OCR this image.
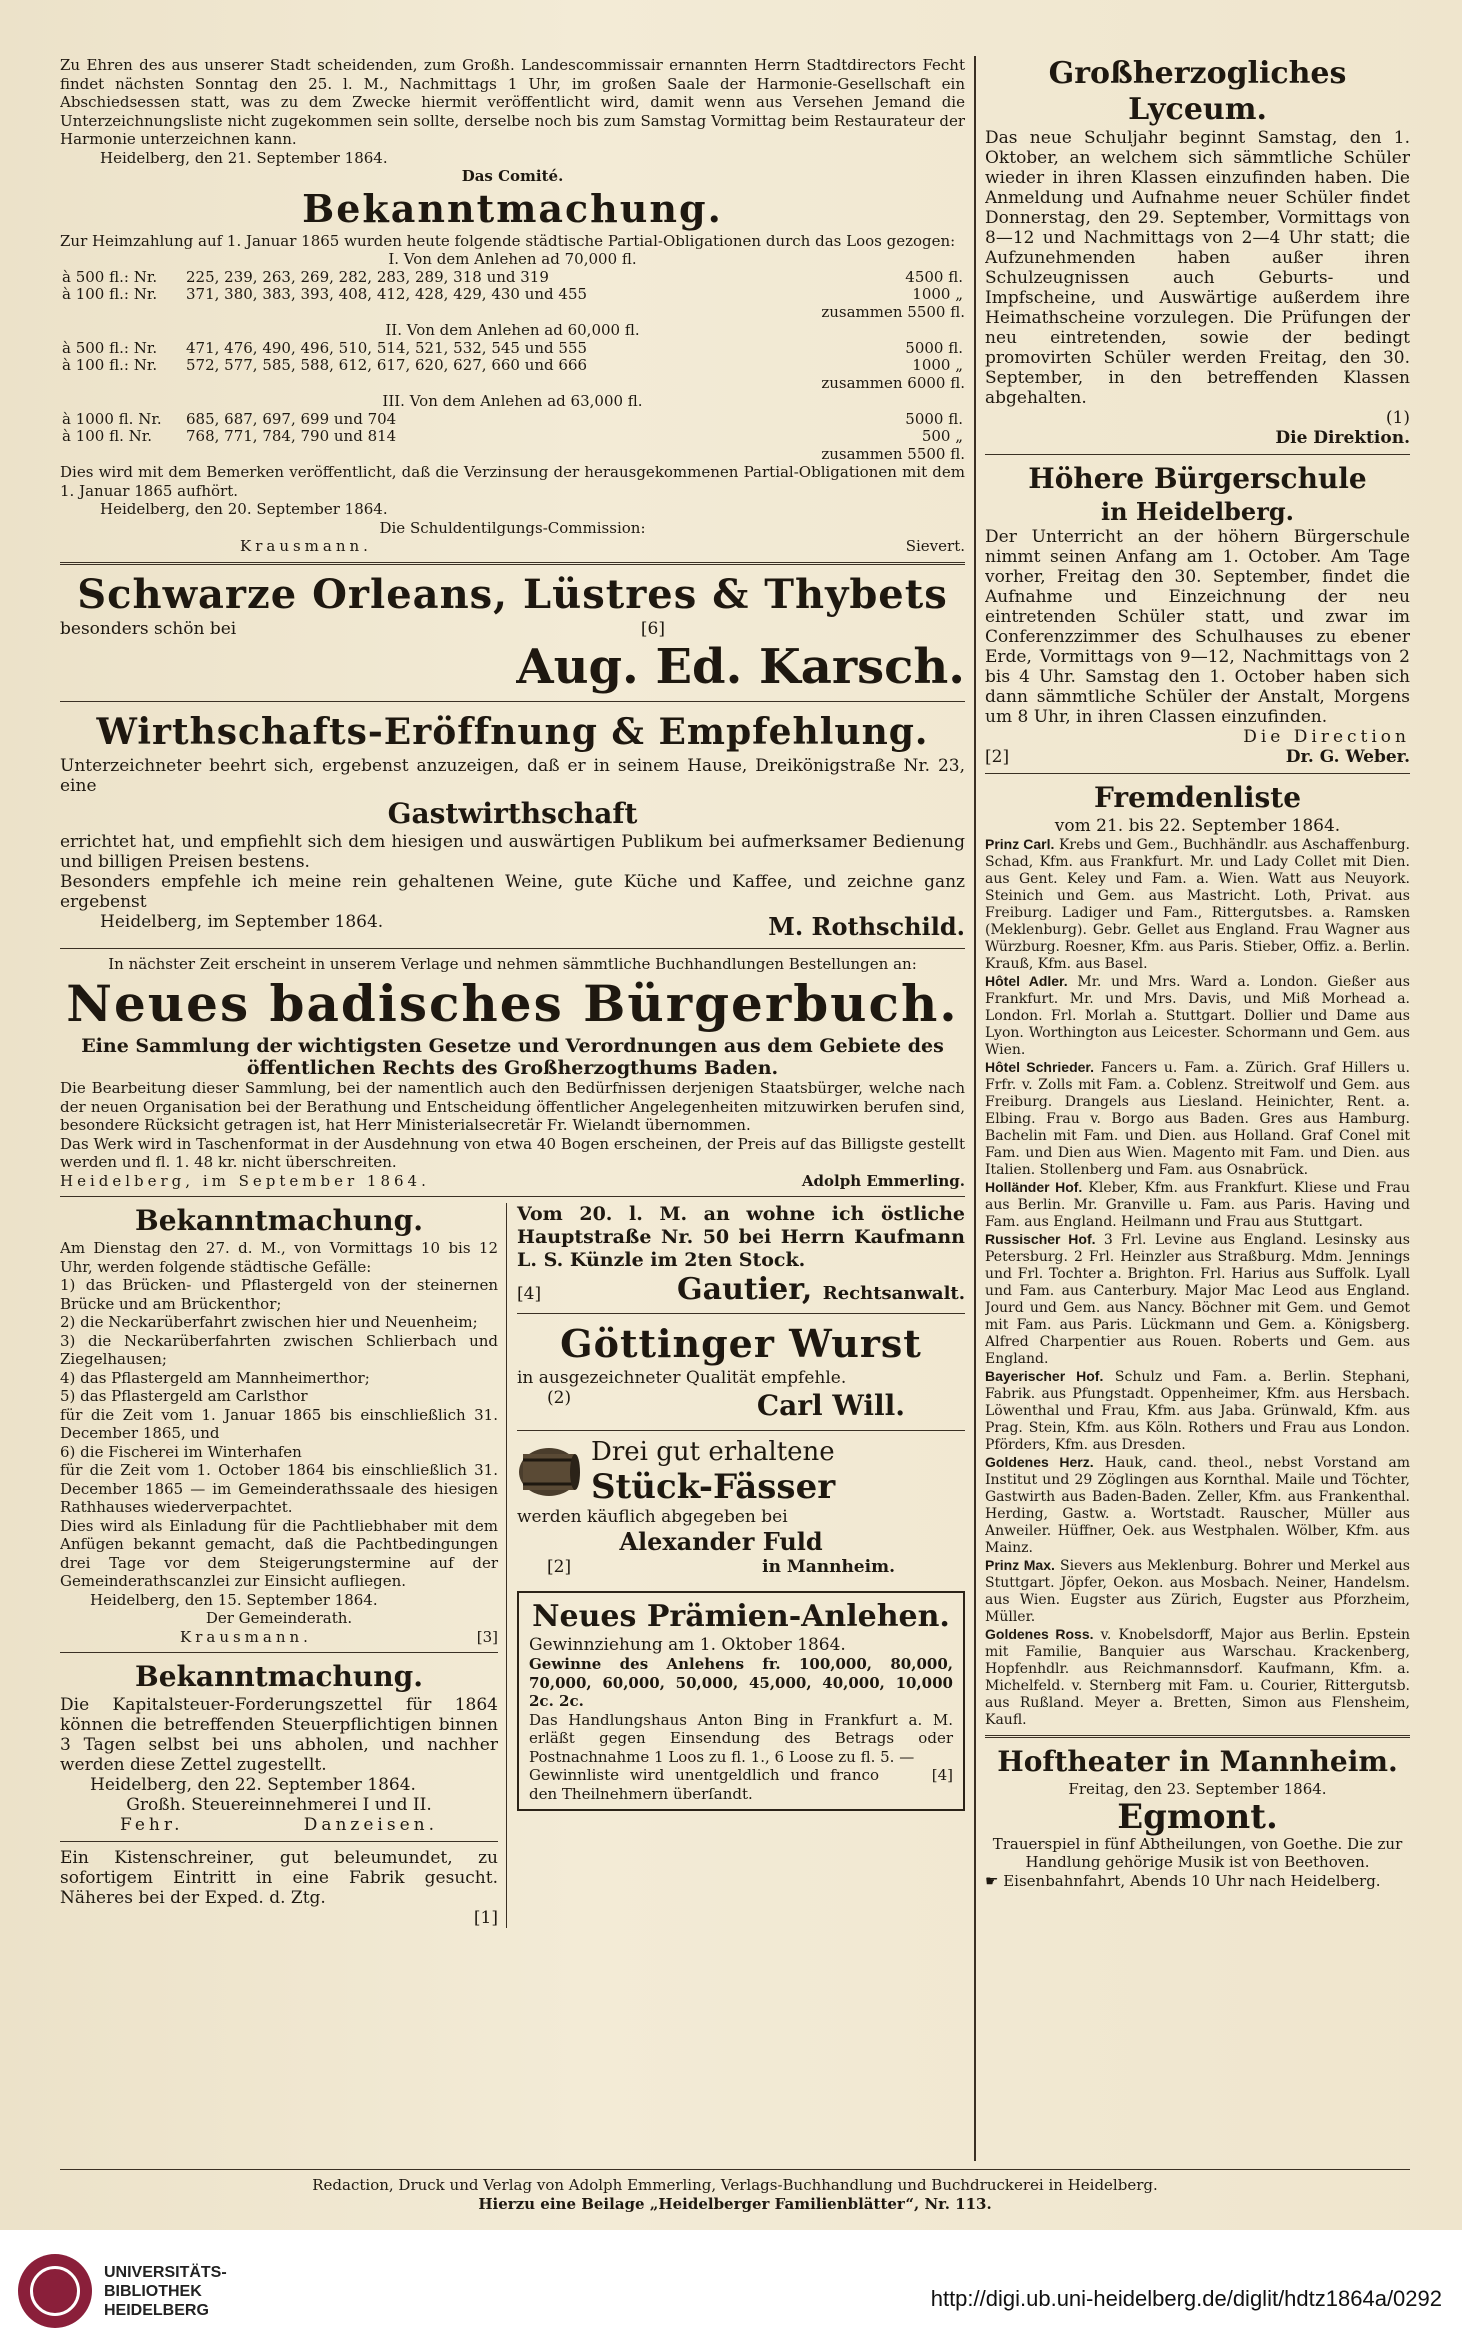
Zu Ehren des aus unserer Stadt scheidenden, zum Großh. Landescommissair ernannten Herrn Stadtdirectors Fecht findet nächsten Sonntag den 25. l. M., Nachmittags 1 Uhr, im großen Saale der Harmonie-Gesellschaft ein Abschiedsessen statt, was zu dem Zwecke hiermit veröffentlicht wird, damit wenn aus Versehen Jemand die Unterzeichnungsliste nicht zugekommen sein sollte, derselbe noch bis zum Samstag Vormittag beim Restaurateur der Harmonie unterzeichnen kann.

Heidelberg, den 21. September 1864.

Das Comité.

Bekanntmachung.

Zur Heimzahlung auf 1. Januar 1865 wurden heute folgende städtische Partial-Obligationen durch das Loos gezogen:

I. Von dem Anlehen ad 70,000 fl.

à 500 fl.: Nr.	225, 239, 263, 269, 282, 283, 289, 318 und 319	4500 fl.
à 100 fl.: Nr.	371, 380, 383, 393, 408, 412, 428, 429, 430 und 455	1000 „

zusammen 5500 fl.

II. Von dem Anlehen ad 60,000 fl.

à 500 fl.: Nr.	471, 476, 490, 496, 510, 514, 521, 532, 545 und 555	5000 fl.
à 100 fl.: Nr.	572, 577, 585, 588, 612, 617, 620, 627, 660 und 666	1000 „

zusammen 6000 fl.

III. Von dem Anlehen ad 63,000 fl.

à 1000 fl. Nr.	685, 687, 697, 699 und 704	5000 fl.
à 100 fl. Nr.	768, 771, 784, 790 und 814	500 „

zusammen 5500 fl.

Dies wird mit dem Bemerken veröffentlicht, daß die Verzinsung der herausgekommenen Partial-Obligationen mit dem 1. Januar 1865 aufhört.

Heidelberg, den 20. September 1864.

Die Schuldentilgungs-Commission:

Krausmann.	Sievert.

Schwarze Orleans, Lüstres & Thybets

besonders schön bei	[6]

Aug. Ed. Karsch.

Wirthschafts-Eröffnung & Empfehlung.

Unterzeichneter beehrt sich, ergebenst anzuzeigen, daß er in seinem Hause, Dreikönigstraße Nr. 23, eine

Gastwirthschaft

errichtet hat, und empfiehlt sich dem hiesigen und auswärtigen Publikum bei aufmerksamer Bedienung und billigen Preisen bestens.

Besonders empfehle ich meine rein gehaltenen Weine, gute Küche und Kaffee, und zeichne ganz ergebenst

Heidelberg, im September 1864.	M. Rothschild.

In nächster Zeit erscheint in unserem Verlage und nehmen sämmtliche Buchhandlungen Bestellungen an:

Neues badisches Bürgerbuch.

Eine Sammlung der wichtigsten Gesetze und Verordnungen aus dem Gebiete des öffentlichen Rechts des Großherzogthums Baden.

Die Bearbeitung dieser Sammlung, bei der namentlich auch den Bedürfnissen derjenigen Staatsbürger, welche nach der neuen Organisation bei der Berathung und Entscheidung öffentlicher Angelegenheiten mitzuwirken berufen sind, besondere Rücksicht getragen ist, hat Herr Ministerialsecretär Fr. Wielandt übernommen.

Das Werk wird in Taschenformat in der Ausdehnung von etwa 40 Bogen erscheinen, der Preis auf das Billigste gestellt werden und fl. 1. 48 kr. nicht überschreiten.

Heidelberg, im September 1864.	Adolph Emmerling.

Bekanntmachung.

Am Dienstag den 27. d. M., von Vormittags 10 bis 12 Uhr, werden folgende städtische Gefälle:

1) das Brücken- und Pflastergeld von der steinernen Brücke und am Brückenthor;

2) die Neckarüberfahrt zwischen hier und Neuenheim;

3) die Neckarüberfahrten zwischen Schlierbach und Ziegelhausen;

4) das Pflastergeld am Mannheimerthor;

5) das Pflastergeld am Carlsthor

für die Zeit vom 1. Januar 1865 bis einschließlich 31. December 1865, und

6) die Fischerei im Winterhafen

für die Zeit vom 1. October 1864 bis einschließlich 31. December 1865 — im Gemeinderathssaale des hiesigen Rathhauses wiederverpachtet.

Dies wird als Einladung für die Pachtliebhaber mit dem Anfügen bekannt gemacht, daß die Pachtbedingungen drei Tage vor dem Steigerungstermine auf der Gemeinderathscanzlei zur Einsicht aufliegen.

Heidelberg, den 15. September 1864.

Der Gemeinderath.

Krausmann.	[3]

Bekanntmachung.

Die Kapitalsteuer-Forderungszettel für 1864 können die betreffenden Steuerpflichtigen binnen 3 Tagen selbst bei uns abholen, und nachher werden diese Zettel zugestellt.

Heidelberg, den 22. September 1864.

Großh. Steuereinnehmerei I und II.

Fehr.	Danzeisen.

Ein Kistenschreiner, gut beleumundet, zu sofortigem Eintritt in eine Fabrik gesucht. Näheres bei der Exped. d. Ztg.

[1]

Vom 20. l. M. an wohne ich östliche Hauptstraße Nr. 50 bei Herrn Kaufmann L. S. Künzle im 2ten Stock.

[4]	Gautier, Rechtsanwalt.

Göttinger Wurst

in ausgezeichneter Qualität empfehle.

(2)	Carl Will.

Drei gut erhaltene

Stück-Fässer

werden käuflich abgegeben bei

Alexander Fuld

[2]	in Mannheim.

Neues Prämien-Anlehen.

Gewinnziehung am 1. Oktober 1864.

Gewinne des Anlehens fr. 100,000, 80,000, 70,000, 60,000, 50,000, 45,000, 40,000, 10,000 2c. 2c.

Das Handlungshaus Anton Bing in Frankfurt a. M. erläßt gegen Einsendung des Betrags oder Postnachnahme 1 Loos zu fl. 1., 6 Loose zu fl. 5. —

Gewinnliste wird unentgeldlich und franco den Theilnehmern überſandt.

[4]

Großherzogliches Lyceum.

Das neue Schuljahr beginnt Samstag, den 1. Oktober, an welchem sich sämmtliche Schüler wieder in ihren Klassen einzufinden haben. Die Anmeldung und Aufnahme neuer Schüler findet Donnerstag, den 29. September, Vormittags von 8—12 und Nachmittags von 2—4 Uhr statt; die Aufzunehmenden haben außer ihren Schulzeugnissen auch Geburts- und Impfscheine, und Auswärtige außerdem ihre Heimathscheine vorzulegen. Die Prüfungen der neu eintretenden, sowie der bedingt promovirten Schüler werden Freitag, den 30. September, in den betreffenden Klassen abgehalten.

(1)

Die Direktion.

Höhere Bürgerschule

in Heidelberg.

Der Unterricht an der höhern Bürgerschule nimmt seinen Anfang am 1. October. Am Tage vorher, Freitag den 30. September, findet die Aufnahme und Einzeichnung der neu eintretenden Schüler statt, und zwar im Conferenzzimmer des Schulhauses zu ebener Erde, Vormittags von 9—12, Nachmittags von 2 bis 4 Uhr. Samstag den 1. October haben sich dann sämmtliche Schüler der Anstalt, Morgens um 8 Uhr, in ihren Classen einzufinden.

Die Direction

[2]	Dr. G. Weber.

Fremdenliste

vom 21. bis 22. September 1864.

Prinz Carl. Krebs und Gem., Buchhändlr. aus Aschaffenburg. Schad, Kfm. aus Frankfurt. Mr. und Lady Collet mit Dien. aus Gent. Keley und Fam. a. Wien. Watt aus Neuyork. Steinich und Gem. aus Mastricht. Loth, Privat. aus Freiburg. Ladiger und Fam., Rittergutsbes. a. Ramsken (Meklenburg). Gebr. Gellet aus England. Frau Wagner aus Würzburg. Roesner, Kfm. aus Paris. Stieber, Offiz. a. Berlin. Krauß, Kfm. aus Basel.

Hôtel Adler. Mr. und Mrs. Ward a. London. Gießer aus Frankfurt. Mr. und Mrs. Davis, und Miß Morhead a. London. Frl. Morlah a. Stuttgart. Dollier und Dame aus Lyon. Worthington aus Leicester. Schormann und Gem. aus Wien.

Hôtel Schrieder. Fancers u. Fam. a. Zürich. Graf Hillers u. Frfr. v. Zolls mit Fam. a. Coblenz. Streitwolf und Gem. aus Freiburg. Drangels aus Liesland. Heinichter, Rent. a. Elbing. Frau v. Borgo aus Baden. Gres aus Hamburg. Bachelin mit Fam. und Dien. aus Holland. Graf Conel mit Fam. und Dien aus Wien. Magento mit Fam. und Dien. aus Italien. Stollenberg und Fam. aus Osnabrück.

Holländer Hof. Kleber, Kfm. aus Frankfurt. Kliese und Frau aus Berlin. Mr. Granville u. Fam. aus Paris. Having und Fam. aus England. Heilmann und Frau aus Stuttgart.

Russischer Hof. 3 Frl. Levine aus England. Lesinsky aus Petersburg. 2 Frl. Heinzler aus Straßburg. Mdm. Jennings und Frl. Tochter a. Brighton. Frl. Harius aus Suffolk. Lyall und Fam. aus Canterbury. Major Mac Leod aus England. Jourd und Gem. aus Nancy. Böchner mit Gem. und Gemot mit Fam. aus Paris. Lückmann und Gem. a. Königsberg. Alfred Charpentier aus Rouen. Roberts und Gem. aus England.

Bayerischer Hof. Schulz und Fam. a. Berlin. Stephani, Fabrik. aus Pfungstadt. Oppenheimer, Kfm. aus Hersbach. Löwenthal und Frau, Kfm. aus Jaba. Grünwald, Kfm. aus Prag. Stein, Kfm. aus Köln. Rothers und Frau aus London. Pförders, Kfm. aus Dresden.

Goldenes Herz. Hauk, cand. theol., nebst Vorstand am Institut und 29 Zöglingen aus Kornthal. Maile und Töchter, Gastwirth aus Baden-Baden. Zeller, Kfm. aus Frankenthal. Herding, Gastw. a. Wortstadt. Rauscher, Müller aus Anweiler. Hüffner, Oek. aus Westphalen. Wölber, Kfm. aus Mainz.

Prinz Max. Sievers aus Meklenburg. Bohrer und Merkel aus Stuttgart. Jöpfer, Oekon. aus Mosbach. Neiner, Handelsm. aus Wien. Eugster aus Zürich, Eugster aus Pforzheim, Müller.

Goldenes Ross. v. Knobelsdorff, Major aus Berlin. Epstein mit Familie, Banquier aus Warschau. Krackenberg, Hopfenhdlr. aus Reichmannsdorf. Kaufmann, Kfm. a. Michelfeld. v. Sternberg mit Fam. u. Courier, Rittergutsb. aus Rußland. Meyer a. Bretten, Simon aus Flensheim, Kaufl.

Hoftheater in Mannheim.

Freitag, den 23. September 1864.

Egmont.

Trauerspiel in fünf Abtheilungen, von Goethe. Die zur Handlung gehörige Musik ist von Beethoven.

☛ Eisenbahnfahrt, Abends 10 Uhr nach Heidelberg.

Redaction, Druck und Verlag von Adolph Emmerling, Verlags-Buchhandlung und Buchdruckerei in Heidelberg.

Hierzu eine Beilage „Heidelberger Familienblätter“, Nr. 113.

UNIVERSITÄTS-

BIBLIOTHEK

HEIDELBERG	http://digi.ub.uni-heidelberg.de/diglit/hdtz1864a/0292
